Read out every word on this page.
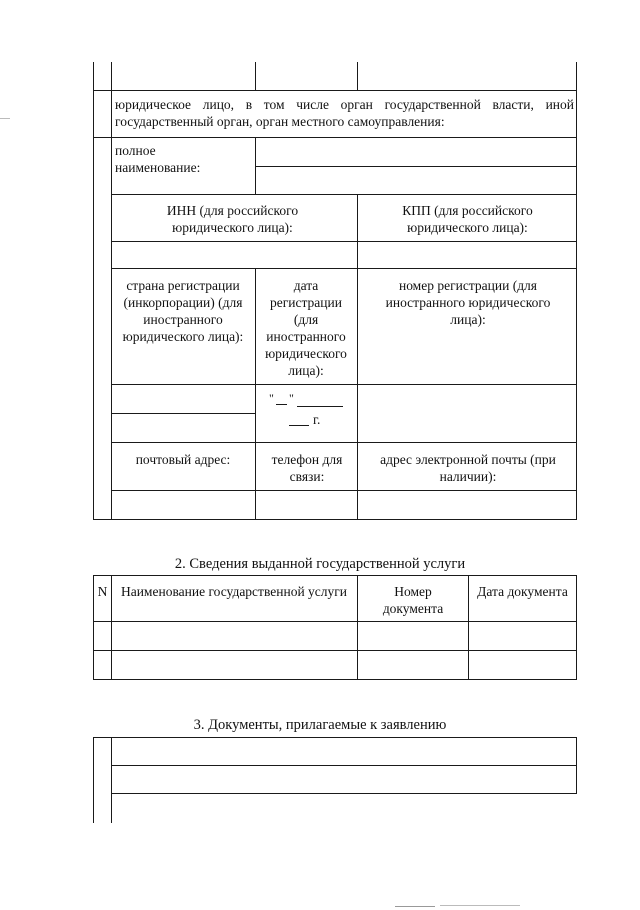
юридическое лицо, в том числе орган государственной власти, иной государственный орган, орган местного самоуправления:
полное наименование:
ИНН (для российского юридического лица):
КПП (для российского юридического лица):
страна регистрации (инкорпорации) (для иностранного юридического лица):
дата регистрации (для иностранного юридического лица):
номер регистрации (для иностранного юридического лица):
" "
г.
почтовый адрес:	телефон для связи:
адрес электронной почты (при наличии):
2. Сведения выданной государственной услуги
N Наименование государственной услуги	Номер документа
Дата документа
3. Документы, прилагаемые к заявлению
